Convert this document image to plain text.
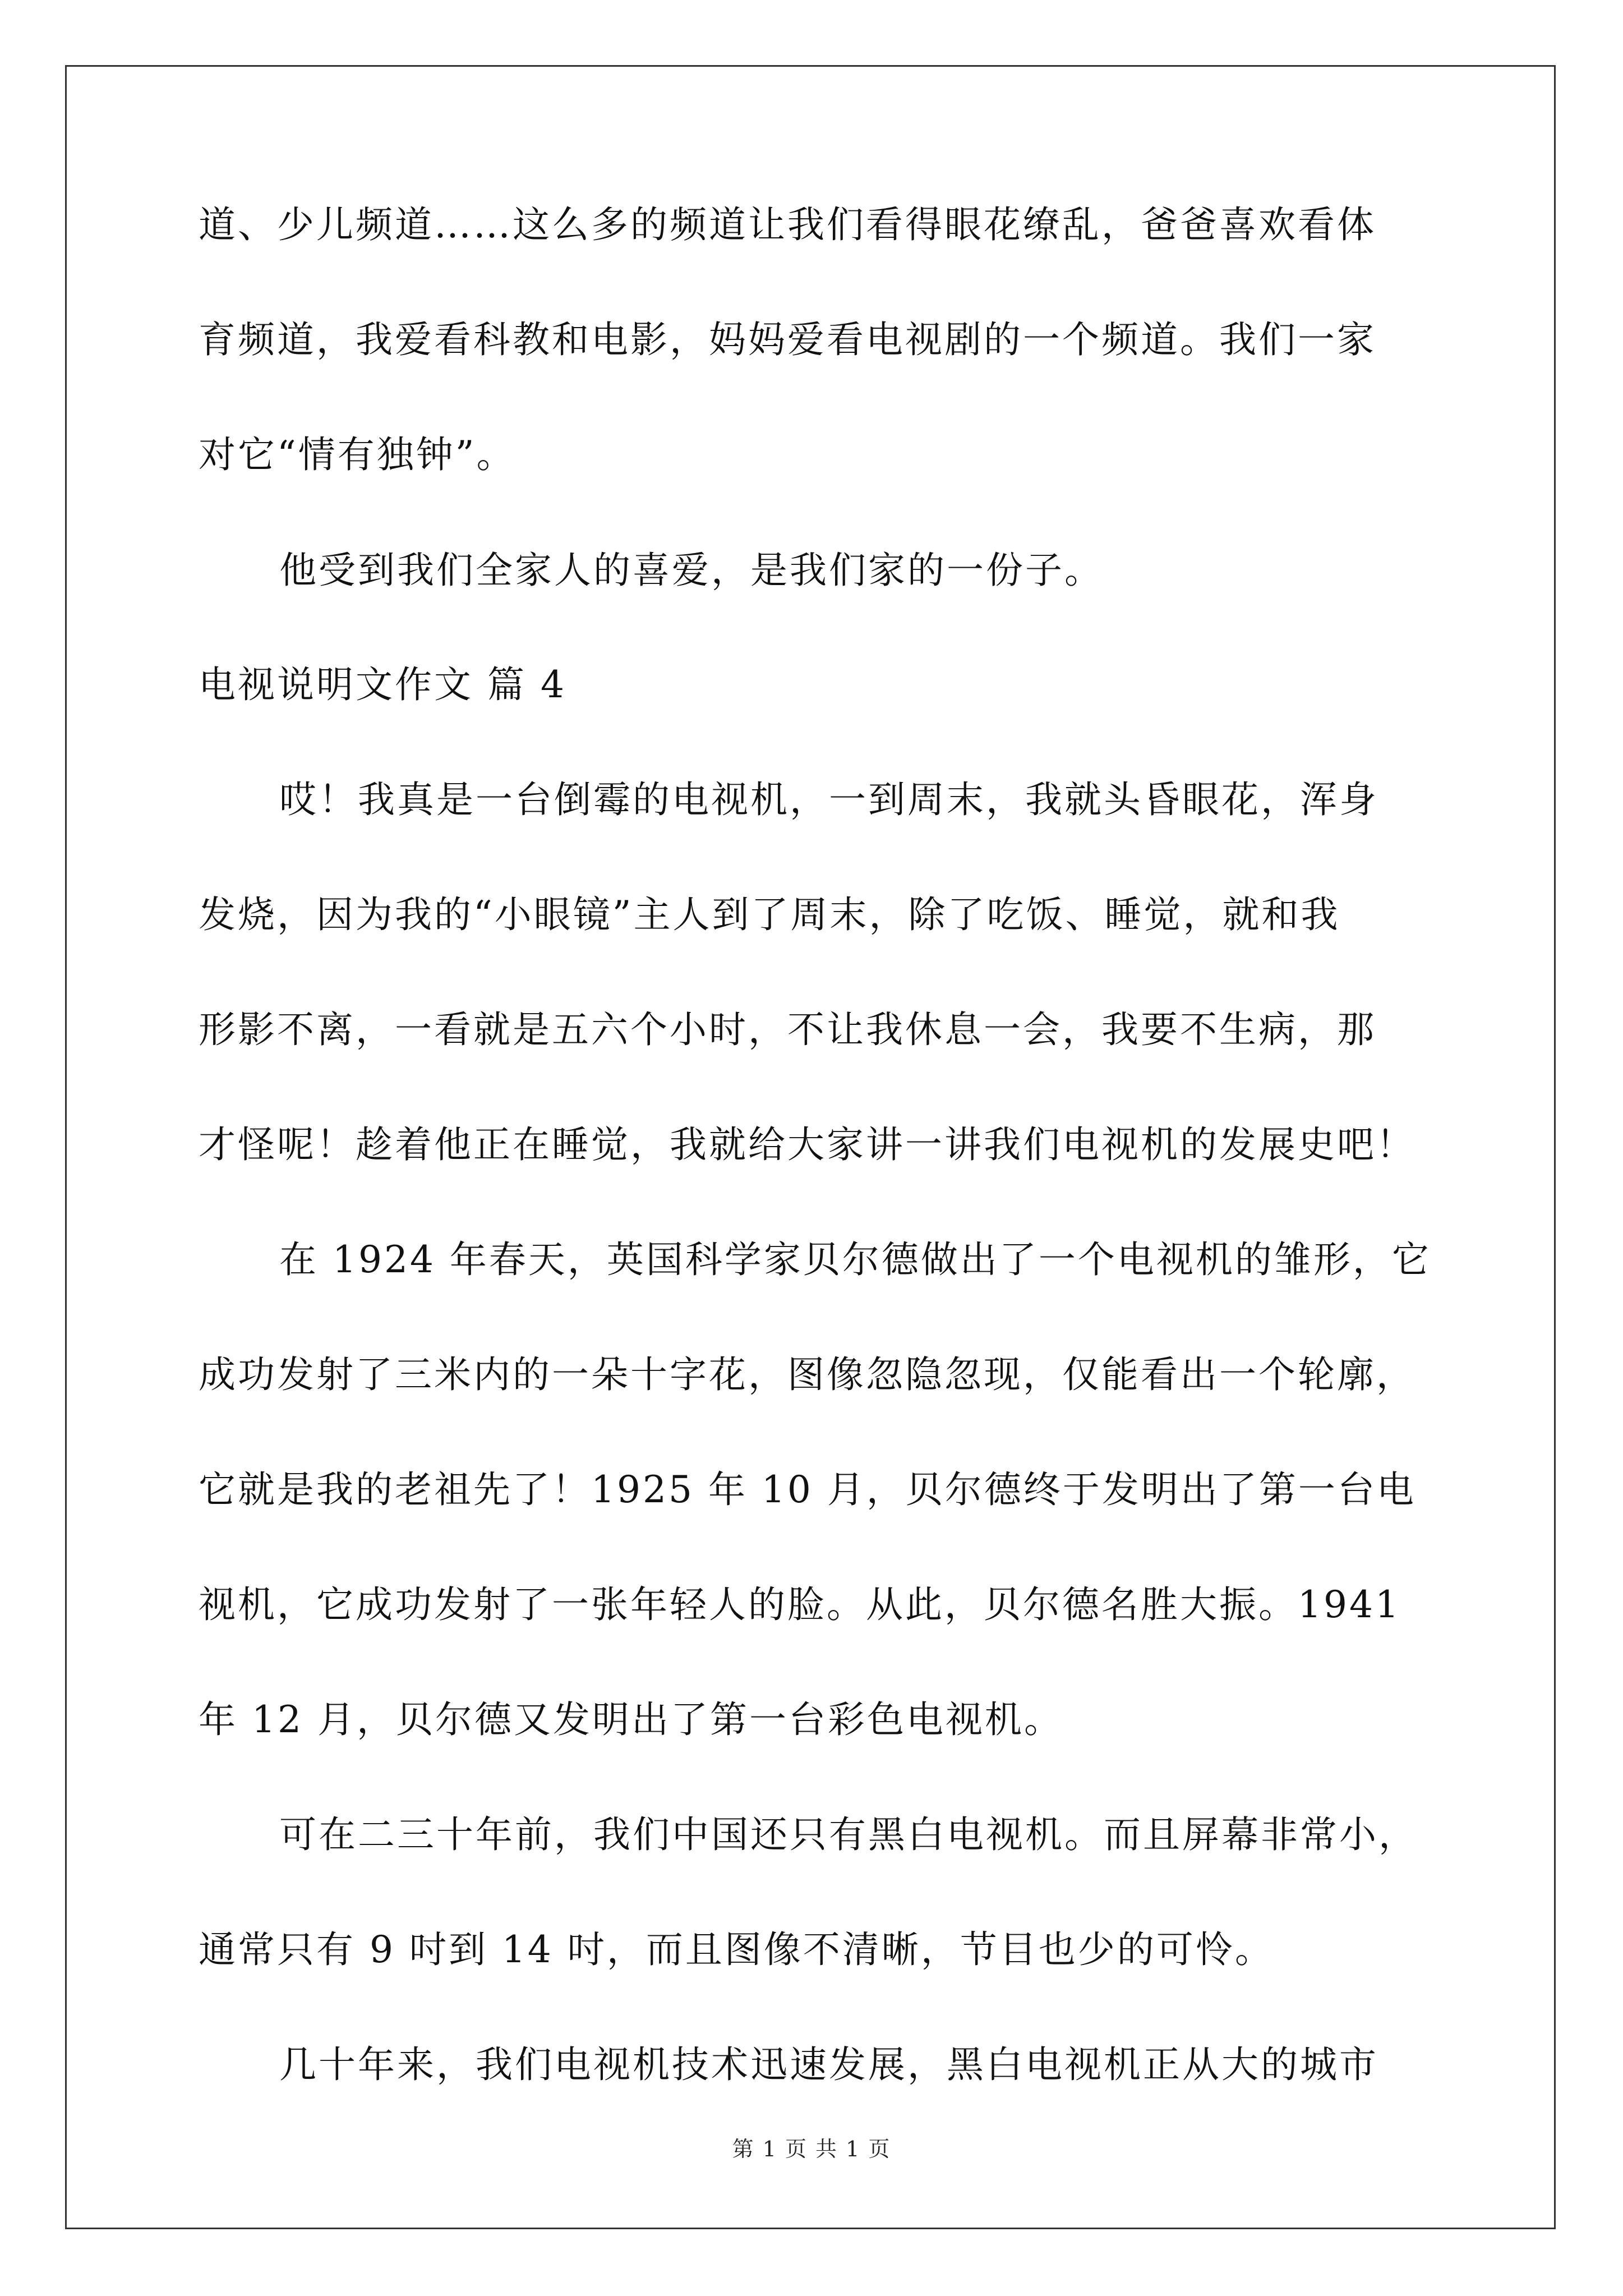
道、少儿频道……这么多的频道让我们看得眼花缭乱，爸爸喜欢看体
育频道，我爱看科教和电影，妈妈爱看电视剧的一个频道。我们一家
对它“情有独钟”。
他受到我们全家人的喜爱，是我们家的一份子。
电视说明文作文 篇 4
哎！我真是一台倒霉的电视机，一到周末，我就头昏眼花，浑身
发烧，因为我的“小眼镜”主人到了周末，除了吃饭、睡觉，就和我
形影不离，一看就是五六个小时，不让我休息一会，我要不生病，那
才怪呢！趁着他正在睡觉，我就给大家讲一讲我们电视机的发展史吧！
在 1924 年春天，英国科学家贝尔德做出了一个电视机的雏形，它
成功发射了三米内的一朵十字花，图像忽隐忽现，仅能看出一个轮廓，
它就是我的老祖先了！1925 年 10 月，贝尔德终于发明出了第一台电
视机，它成功发射了一张年轻人的脸。从此，贝尔德名胜大振。1941
年 12 月，贝尔德又发明出了第一台彩色电视机。
可在二三十年前，我们中国还只有黑白电视机。而且屏幕非常小，
通常只有 9 吋到 14 吋，而且图像不清晰，节目也少的可怜。
几十年来，我们电视机技术迅速发展，黑白电视机正从大的城市
第 1 页 共 1 页
